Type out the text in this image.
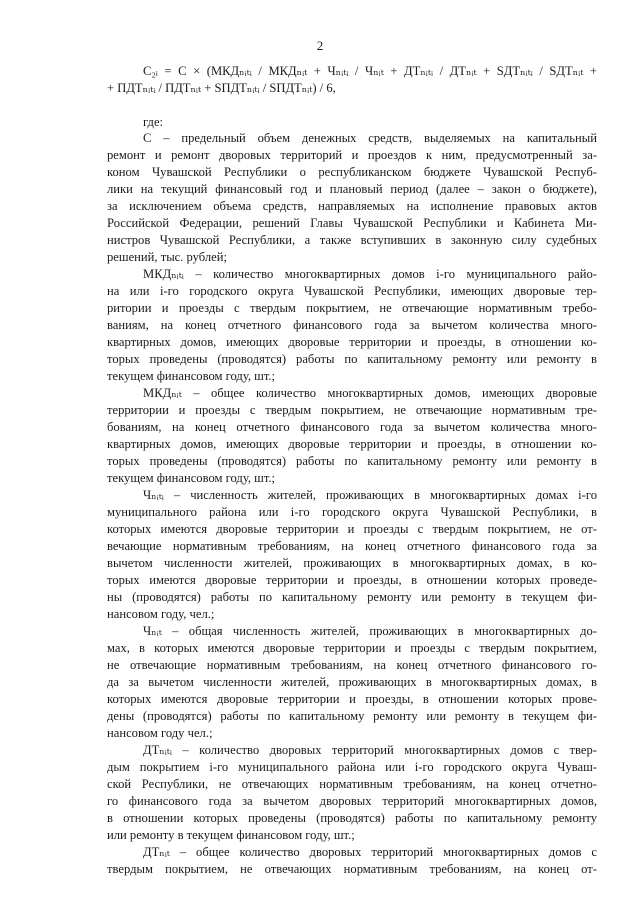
2
C₂ᵢ = C × (МКДₙᵢₜᵢ / МКДₙᵢₜ + Чₙᵢₜᵢ / Чₙᵢₜ + ДТₙᵢₜᵢ / ДТₙᵢₜ + SДТₙᵢₜᵢ / SДТₙᵢₜ +
+ ПДТₙᵢₜᵢ / ПДТₙᵢₜ + SПДТₙᵢₜᵢ / SПДТₙᵢₜ) / 6,
где:
С – предельный объем денежных средств, выделяемых на капитальный
ремонт и ремонт дворовых территорий и проездов к ним, предусмотренный за-
коном Чувашской Республики о республиканском бюджете Чувашской Респуб-
лики на текущий финансовый год и плановый период (далее – закон о бюджете),
за исключением объема средств, направляемых на исполнение правовых актов
Российской Федерации, решений Главы Чувашской Республики и Кабинета Ми-
нистров Чувашской Республики, а также вступивших в законную силу судебных
решений, тыс. рублей;
МКДₙᵢₜᵢ – количество многоквартирных домов i-го муниципального райо-
на или i-го городского округа Чувашской Республики, имеющих дворовые тер-
ритории и проезды с твердым покрытием, не отвечающие нормативным требо-
ваниям, на конец отчетного финансового года за вычетом количества много-
квартирных домов, имеющих дворовые территории и проезды, в отношении ко-
торых проведены (проводятся) работы по капитальному ремонту или ремонту в
текущем финансовом году, шт.;
МКДₙᵢₜ – общее количество многоквартирных домов, имеющих дворовые
территории и проезды с твердым покрытием, не отвечающие нормативным тре-
бованиям, на конец отчетного финансового года за вычетом количества много-
квартирных домов, имеющих дворовые территории и проезды, в отношении ко-
торых проведены (проводятся) работы по капитальному ремонту или ремонту в
текущем финансовом году, шт.;
Чₙᵢₜᵢ – численность жителей, проживающих в многоквартирных домах i-го
муниципального района или i-го городского округа Чувашской Республики, в
которых имеются дворовые территории и проезды с твердым покрытием, не от-
вечающие нормативным требованиям, на конец отчетного финансового года за
вычетом численности жителей, проживающих в многоквартирных домах, в ко-
торых имеются дворовые территории и проезды, в отношении которых проведе-
ны (проводятся) работы по капитальному ремонту или ремонту в текущем фи-
нансовом году, чел.;
Чₙᵢₜ – общая численность жителей, проживающих в многоквартирных до-
мах, в которых имеются дворовые территории и проезды с твердым покрытием,
не отвечающие нормативным требованиям, на конец отчетного финансового го-
да за вычетом численности жителей, проживающих в многоквартирных домах, в
которых имеются дворовые территории и проезды, в отношении которых прове-
дены (проводятся) работы по капитальному ремонту или ремонту в текущем фи-
нансовом году чел.;
ДТₙᵢₜᵢ – количество дворовых территорий многоквартирных домов с твер-
дым покрытием i-го муниципального района или i-го городского округа Чуваш-
ской Республики, не отвечающих нормативным требованиям, на конец отчетно-
го финансового года за вычетом дворовых территорий многоквартирных домов,
в отношении которых проведены (проводятся) работы по капитальному ремонту
или ремонту в текущем финансовом году, шт.;
ДТₙᵢₜ – общее количество дворовых территорий многоквартирных домов с
твердым покрытием, не отвечающих нормативным требованиям, на конец от-
